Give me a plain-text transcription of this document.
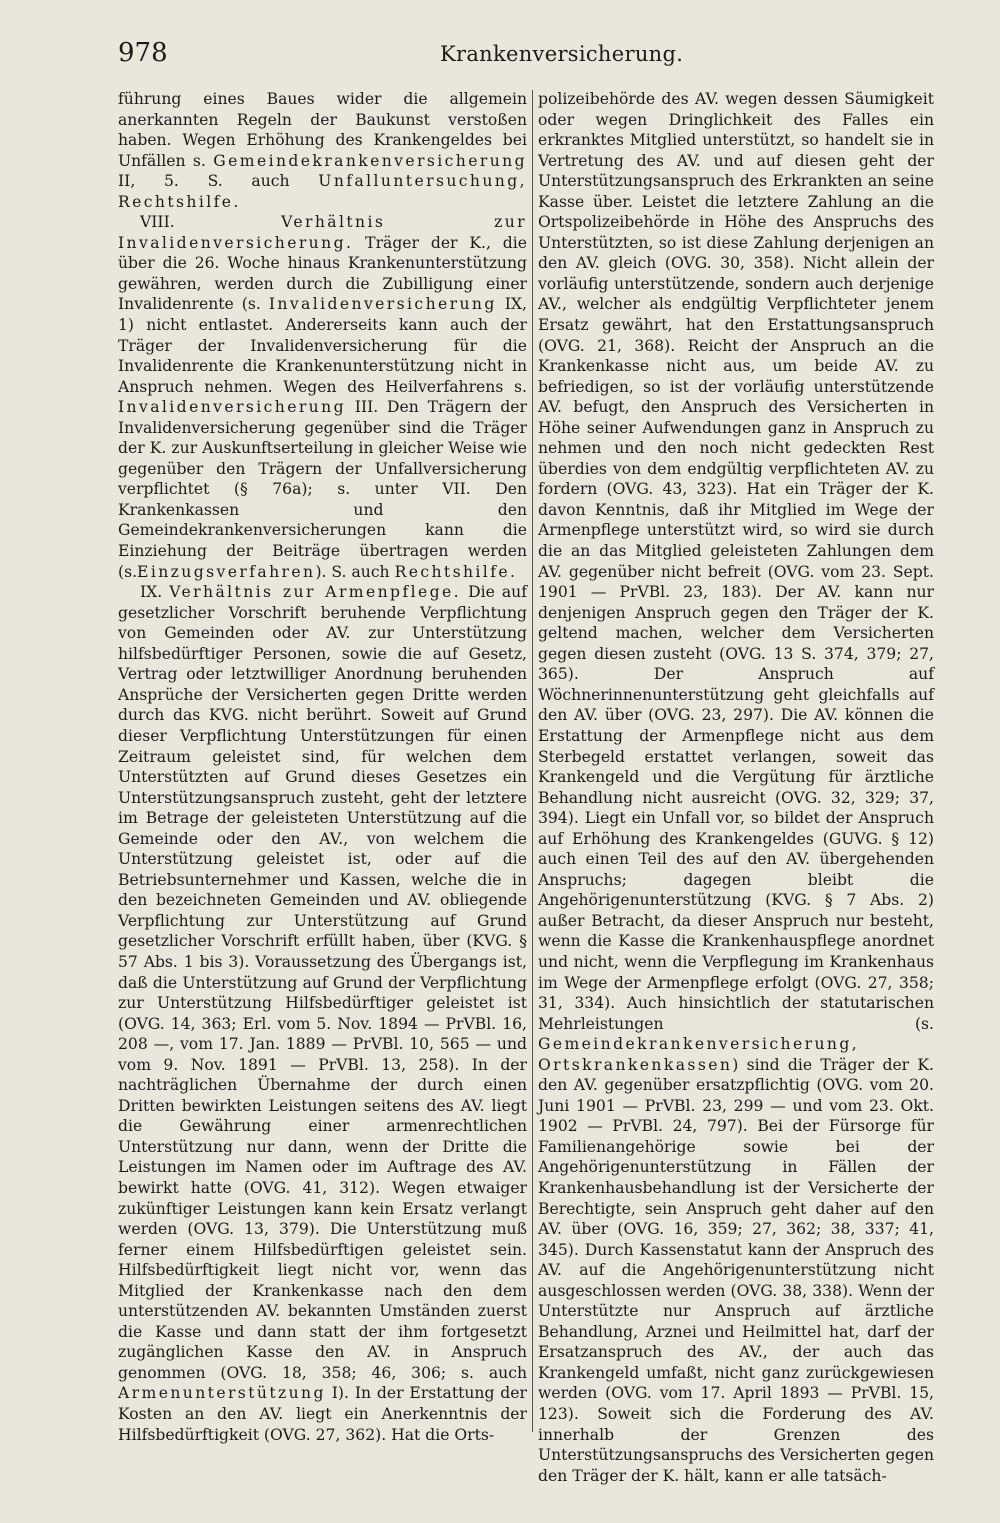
978	Krankenversicherung.

führung eines Baues wider die allgemein anerkannten Regeln der Baukunst verstoßen haben. Wegen Erhöhung des Krankengeldes bei Unfällen s. Gemeindekrankenversicherung II, 5. S. auch Unfalluntersuchung, Rechtshilfe.

VIII.	Verhältnis zur Invalidenversicherung. Träger der K., die über die 26. Woche hinaus Krankenunterstützung gewähren, werden durch die Zubilligung einer Invalidenrente (s. Invalidenversicherung IX, 1) nicht entlastet. Andererseits kann auch der Träger der Invalidenversicherung für die Invalidenrente die Krankenunterstützung nicht in Anspruch nehmen. Wegen des Heilverfahrens s. Invalidenversicherung III. Den Trägern der Invalidenversicherung gegenüber sind die Träger der K. zur Auskunftserteilung in gleicher Weise wie gegenüber den Trägern der Unfallversicherung verpflichtet (§ 76a); s. unter VII. Den Krankenkassen und den Gemeindekrankenversicherungen kann die Einziehung der Beiträge übertragen werden (s.Einzugsverfahren). S. auch Rechtshilfe.

IX. Verhältnis zur Armenpflege. Die auf gesetzlicher Vorschrift beruhende Verpflichtung von Gemeinden oder AV. zur Unterstützung hilfsbedürftiger Personen, sowie die auf Gesetz, Vertrag oder letztwilliger Anordnung beruhenden Ansprüche der Versicherten gegen Dritte werden durch das KVG. nicht berührt. Soweit auf Grund dieser Verpflichtung Unterstützungen für einen Zeitraum geleistet sind, für welchen dem Unterstützten auf Grund dieses Gesetzes ein Unterstützungsanspruch zusteht, geht der letztere im Betrage der geleisteten Unterstützung auf die Gemeinde oder den AV., von welchem die Unterstützung geleistet ist, oder auf die Betriebsunternehmer und Kassen, welche die in den bezeichneten Gemeinden und AV. obliegende Verpflichtung zur Unterstützung auf Grund gesetzlicher Vorschrift erfüllt haben, über (KVG. § 57 Abs. 1 bis 3). Voraussetzung des Übergangs ist, daß die Unterstützung auf Grund der Verpflichtung zur Unterstützung Hilfsbedürftiger geleistet ist (OVG. 14, 363; Erl. vom 5. Nov. 1894 — PrVBl. 16, 208 —, vom 17. Jan. 1889 — PrVBl. 10, 565 — und vom 9. Nov. 1891 — PrVBl. 13, 258). In der nachträglichen Übernahme der durch einen Dritten bewirkten Leistungen seitens des AV. liegt die Gewährung einer armenrechtlichen Unterstützung nur dann, wenn der Dritte die Leistungen im Namen oder im Auftrage des AV. bewirkt hatte (OVG. 41, 312). Wegen etwaiger zukünftiger Leistungen kann kein Ersatz verlangt werden (OVG. 13, 379). Die Unterstützung muß ferner einem Hilfsbedürftigen geleistet sein. Hilfsbedürftigkeit liegt nicht vor, wenn das Mitglied der Krankenkasse nach den dem unterstützenden AV. bekannten Umständen zuerst die Kasse und dann statt der ihm fortgesetzt zugänglichen Kasse den AV. in Anspruch genommen (OVG. 18, 358; 46, 306; s. auch Armenunterstützung I). In der Erstattung der Kosten an den AV. liegt ein Anerkenntnis der Hilfsbedürftigkeit (OVG. 27, 362). Hat die Orts-

polizeibehörde des AV. wegen dessen Säumigkeit oder wegen Dringlichkeit des Falles ein erkranktes Mitglied unterstützt, so handelt sie in Vertretung des AV. und auf diesen geht der Unterstützungsanspruch des Erkrankten an seine Kasse über. Leistet die letztere Zahlung an die Ortspolizeibehörde in Höhe des Anspruchs des Unterstützten, so ist diese Zahlung derjenigen an den AV. gleich (OVG. 30, 358). Nicht allein der vorläufig unterstützende, sondern auch derjenige AV., welcher als endgültig Verpflichteter jenem Ersatz gewährt, hat den Erstattungsanspruch (OVG. 21, 368). Reicht der Anspruch an die Krankenkasse nicht aus, um beide AV. zu befriedigen, so ist der vorläufig unterstützende AV. befugt, den Anspruch des Versicherten in Höhe seiner Aufwendungen ganz in Anspruch zu nehmen und den noch nicht gedeckten Rest überdies von dem endgültig verpflichteten AV. zu fordern (OVG. 43, 323). Hat ein Träger der K. davon Kenntnis, daß ihr Mitglied im Wege der Armenpflege unterstützt wird, so wird sie durch die an das Mitglied geleisteten Zahlungen dem AV. gegenüber nicht befreit (OVG. vom 23. Sept. 1901 — PrVBl. 23, 183). Der AV. kann nur denjenigen Anspruch gegen den Träger der K. geltend machen, welcher dem Versicherten gegen diesen zusteht (OVG. 13 S. 374, 379; 27, 365). Der Anspruch auf Wöchnerinnenunterstützung geht gleichfalls auf den AV. über (OVG. 23, 297). Die AV. können die Erstattung der Armenpflege nicht aus dem Sterbegeld erstattet verlangen, soweit das Krankengeld und die Vergütung für ärztliche Behandlung nicht ausreicht (OVG. 32, 329; 37, 394). Liegt ein Unfall vor, so bildet der Anspruch auf Erhöhung des Krankengeldes (GUVG. § 12) auch einen Teil des auf den AV. übergehenden Anspruchs; dagegen bleibt die Angehörigenunterstützung (KVG. § 7 Abs. 2) außer Betracht, da dieser Anspruch nur besteht, wenn die Kasse die Krankenhauspflege anordnet und nicht, wenn die Verpflegung im Krankenhaus im Wege der Armenpflege erfolgt (OVG. 27, 358; 31, 334). Auch hinsichtlich der statutarischen Mehrleistungen (s. Gemeindekrankenversicherung, Ortskrankenkassen) sind die Träger der K. den AV. gegenüber ersatzpflichtig (OVG. vom 20. Juni 1901 — PrVBl. 23, 299 — und vom 23. Okt. 1902 — PrVBl. 24, 797). Bei der Fürsorge für Familienangehörige sowie bei der Angehörigenunterstützung in Fällen der Krankenhausbehandlung ist der Versicherte der Berechtigte, sein Anspruch geht daher auf den AV. über (OVG. 16, 359; 27, 362; 38, 337; 41, 345). Durch Kassenstatut kann der Anspruch des AV. auf die Angehörigenunterstützung nicht ausgeschlossen werden (OVG. 38, 338). Wenn der Unterstützte nur Anspruch auf ärztliche Behandlung, Arznei und Heilmittel hat, darf der Ersatzanspruch des AV., der auch das Krankengeld umfaßt, nicht ganz zurückgewiesen werden (OVG. vom 17. April 1893 — PrVBl. 15, 123). Soweit sich die Forderung des AV. innerhalb der Grenzen des Unterstützungsanspruchs des Versicherten gegen den Träger der K. hält, kann er alle tatsäch-
